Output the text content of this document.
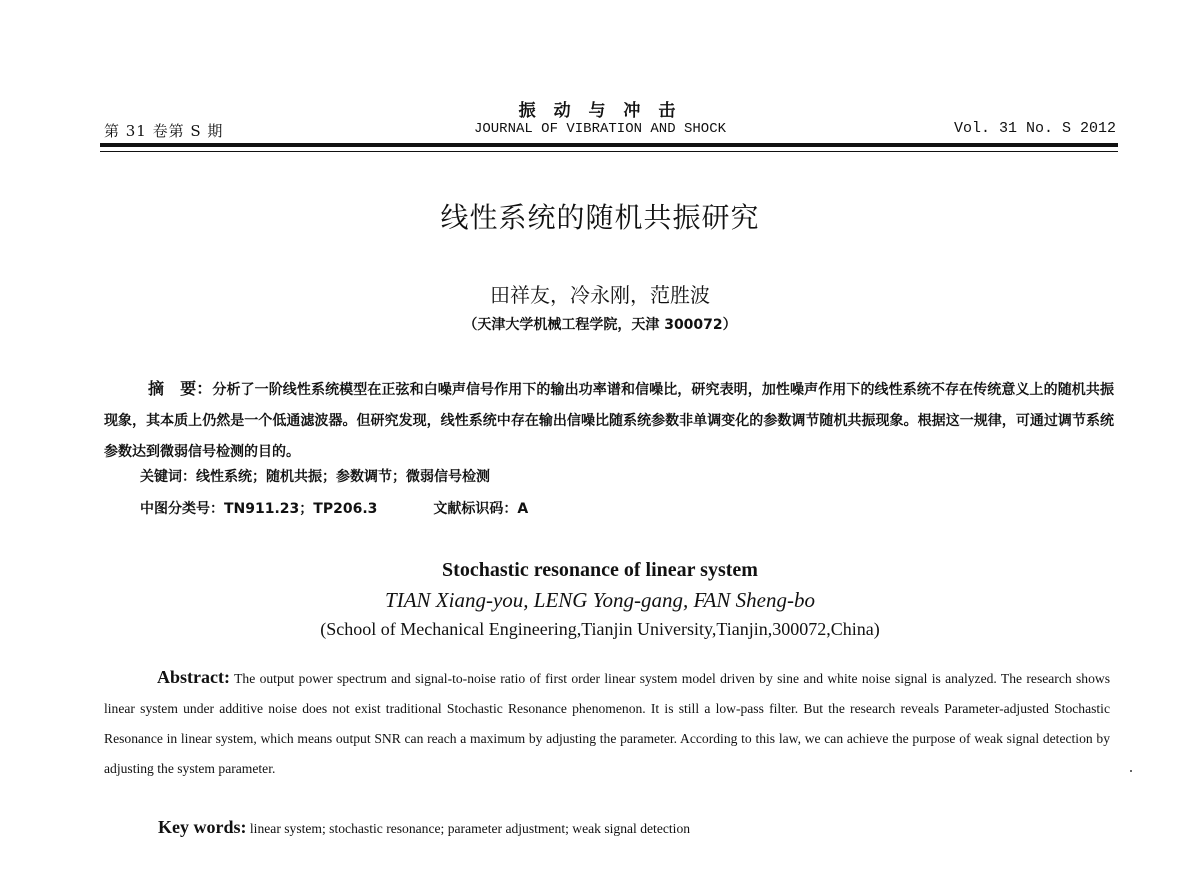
第 31 卷第 S 期
振 动 与 冲 击
JOURNAL OF VIBRATION AND SHOCK	Vol. 31 No. S 2012
线性系统的随机共振研究
田祥友，冷永刚，范胜波
（天津大学机械工程学院，天津 300072）
摘　要：分析了一阶线性系统模型在正弦和白噪声信号作用下的输出功率谱和信噪比，研究表明，加性噪声作用下的线性系统不存在传统意义上的随机共振现象，其本质上仍然是一个低通滤波器。但研究发现，线性系统中存在输出信噪比随系统参数非单调变化的参数调节随机共振现象。根据这一规律，可通过调节系统参数达到微弱信号检测的目的。
关键词：线性系统；随机共振；参数调节；微弱信号检测
中图分类号：TN911.23；TP206.3	文献标识码：A
Stochastic resonance of linear system
TIAN Xiang-you, LENG Yong-gang, FAN Sheng-bo
(School of Mechanical Engineering,Tianjin University,Tianjin,300072,China)
Abstract: The output power spectrum and signal-to-noise ratio of first order linear system model driven by sine and white noise signal is analyzed. The research shows linear system under additive noise does not exist traditional Stochastic Resonance phenomenon. It is still a low-pass filter. But the research reveals Parameter-adjusted Stochastic Resonance in linear system, which means output SNR can reach a maximum by adjusting the parameter. According to this law, we can achieve the purpose of weak signal detection by adjusting the system parameter.
Key words: linear system; stochastic resonance; parameter adjustment; weak signal detection
